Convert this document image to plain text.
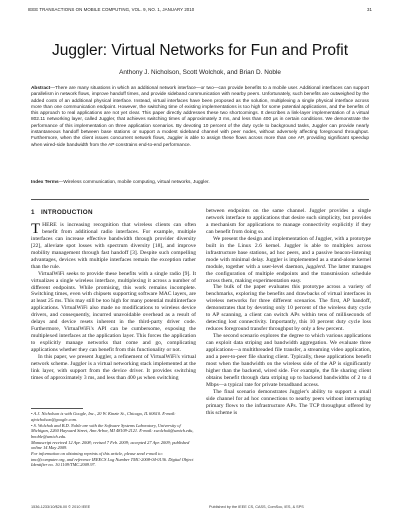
IEEE TRANSACTIONS ON MOBILE COMPUTING, VOL. 9, NO. 1, JANUARY 2010	31
Juggler: Virtual Networks for Fun and Profit
Anthony J. Nicholson, Scott Wolchok, and Brian D. Noble
Abstract—There are many situations in which an additional network interface—or two—can provide benefits to a mobile user. Additional interfaces can support parallelism in network flows, improve handoff times, and provide sideband communication with nearby peers. Unfortunately, such benefits are outweighed by the added costs of an additional physical interface. Instead, virtual interfaces have been proposed as the solution, multiplexing a single physical interface across more than one communication endpoint. However, the switching time of existing implementations is too high for some potential applications, and the benefits of this approach to real applications are not yet clear. This paper directly addresses these two shortcomings. It describes a link-layer implementation of a virtual 802.11 networking layer, called Juggler, that achieves switching times of approximately 3 ms, and less than 400 μs in certain conditions. We demonstrate the performance of this implementation on three application scenarios. By devoting 10 percent of the duty cycle to background tasks, Juggler can provide nearly instantaneous handoff between base stations or support a modest sideband channel with peer nodes, without adversely affecting foreground throughput. Furthermore, when the client issues concurrent network flows, Juggler is able to assign these flows across more than one AP, providing significant speedup when wired-side bandwidth from the AP constrains end-to-end performance.
Index Terms—Wireless communication, mobile computing, virtual networks, Juggler.
1 INTRODUCTION

THERE is increasing recognition that wireless clients can often benefit from additional radio interfaces. For example, multiple interfaces can increase effective bandwidth through provider diversity [22], alleviate spot losses with spectrum diversity [18], and improve mobility management through fast handoff [3]. Despite such compelling advantages, devices with multiple interfaces remain the exception rather than the rule.

VirtualWiFi seeks to provide these benefits with a single radio [9]. It virtualizes a single wireless interface, multiplexing it across a number of different endpoints. While promising, this work remains incomplete. Switching times, even with chipsets supporting software MAC layers, are at least 25 ms. This may still be too high for many potential multiinterface applications. VirtualWiFi also made no modifications to wireless device drivers, and consequently, incurred unavoidable overhead as a result of delays and device resets inherent in the third-party driver code. Furthermore, VirtualWiFi's API can be cumbersome, exposing the multiplexed interfaces at the application layer. This forces the application to explicitly manage networks that come and go, complicating applications whether they can benefit from this functionality or not.

In this paper, we present Juggler, a refinement of VirtualWiFi's virtual network scheme. Juggler is a virtual networking stack implemented at the link layer, with support from the device driver. It provides switching times of approximately 3 ms, and less than 400 μs when switching

• A.J. Nicholson is with Google, Inc., 20 W. Kinzie St., Chicago, IL 60610. E-mail: ajnicholson@google.com.

• S. Wolchok and B.D. Noble are with the Software Systems Laboratory, University of Michigan, 2260 Hayward Street, Ann Arbor, MI 48109-2121. E-mail: swolchok@umich.edu, bnoble@umich.edu.

Manuscript received 12 Apr. 2008; revised 7 Feb. 2009; accepted 27 Apr. 2009; published online 14 May 2009.

For information on obtaining reprints of this article, please send e-mail to: tmc@computer.org, and reference IEEECS Log Number TMC-2008-04-0136. Digital Object Identifier no. 10.1109/TMC.2009.97.

between endpoints on the same channel. Juggler provides a single network interface to applications that desire such simplicity, but provides a mechanism for applications to manage connectivity explicitly if they can benefit from doing so.

We present the design and implementation of Juggler, with a prototype built in the Linux 2.6 kernel. Juggler is able to multiplex across infrastructure base stations, ad hoc peers, and a passive beacon-listening mode with minimal delay. Juggler is implemented as a stand-alone kernel module, together with a user-level daemon, jugglerd. The latter manages the configuration of multiple endpoints and the transmission schedule across them, making experimentation easy.

The bulk of the paper evaluates this prototype across a variety of benchmarks, exploring the benefits and drawbacks of virtual interfaces in wireless networks for three different scenarios. The first, AP handoff, demonstrates that by devoting only 10 percent of the wireless duty cycle to AP scanning, a client can switch APs within tens of milliseconds of detecting lost connectivity. Importantly, this 10 percent duty cycle loss reduces foreground transfer throughput by only a few percent.

The second scenario explores the degree to which various applications can exploit data striping and bandwidth aggregation. We evaluate three applications—a multithreaded file transfer, a streaming video application, and a peer-to-peer file sharing client. Typically, these applications benefit most when the bandwidth on the wireless side of the AP is significantly higher than the backend, wired side. For example, the file sharing client obtains benefit through data striping up to backend bandwidths of 2 to 4 Mbps—a typical rate for private broadband access.

The final scenario demonstrates Juggler's ability to support a small side channel for ad hoc connections to nearby peers without interrupting primary flows to the infrastructure APs. The TCP throughput offered by this scheme is

1536-1233/10/$26.00 © 2010 IEEE	Published by the IEEE CS, CASS, ComSoc, IES, & SPS
